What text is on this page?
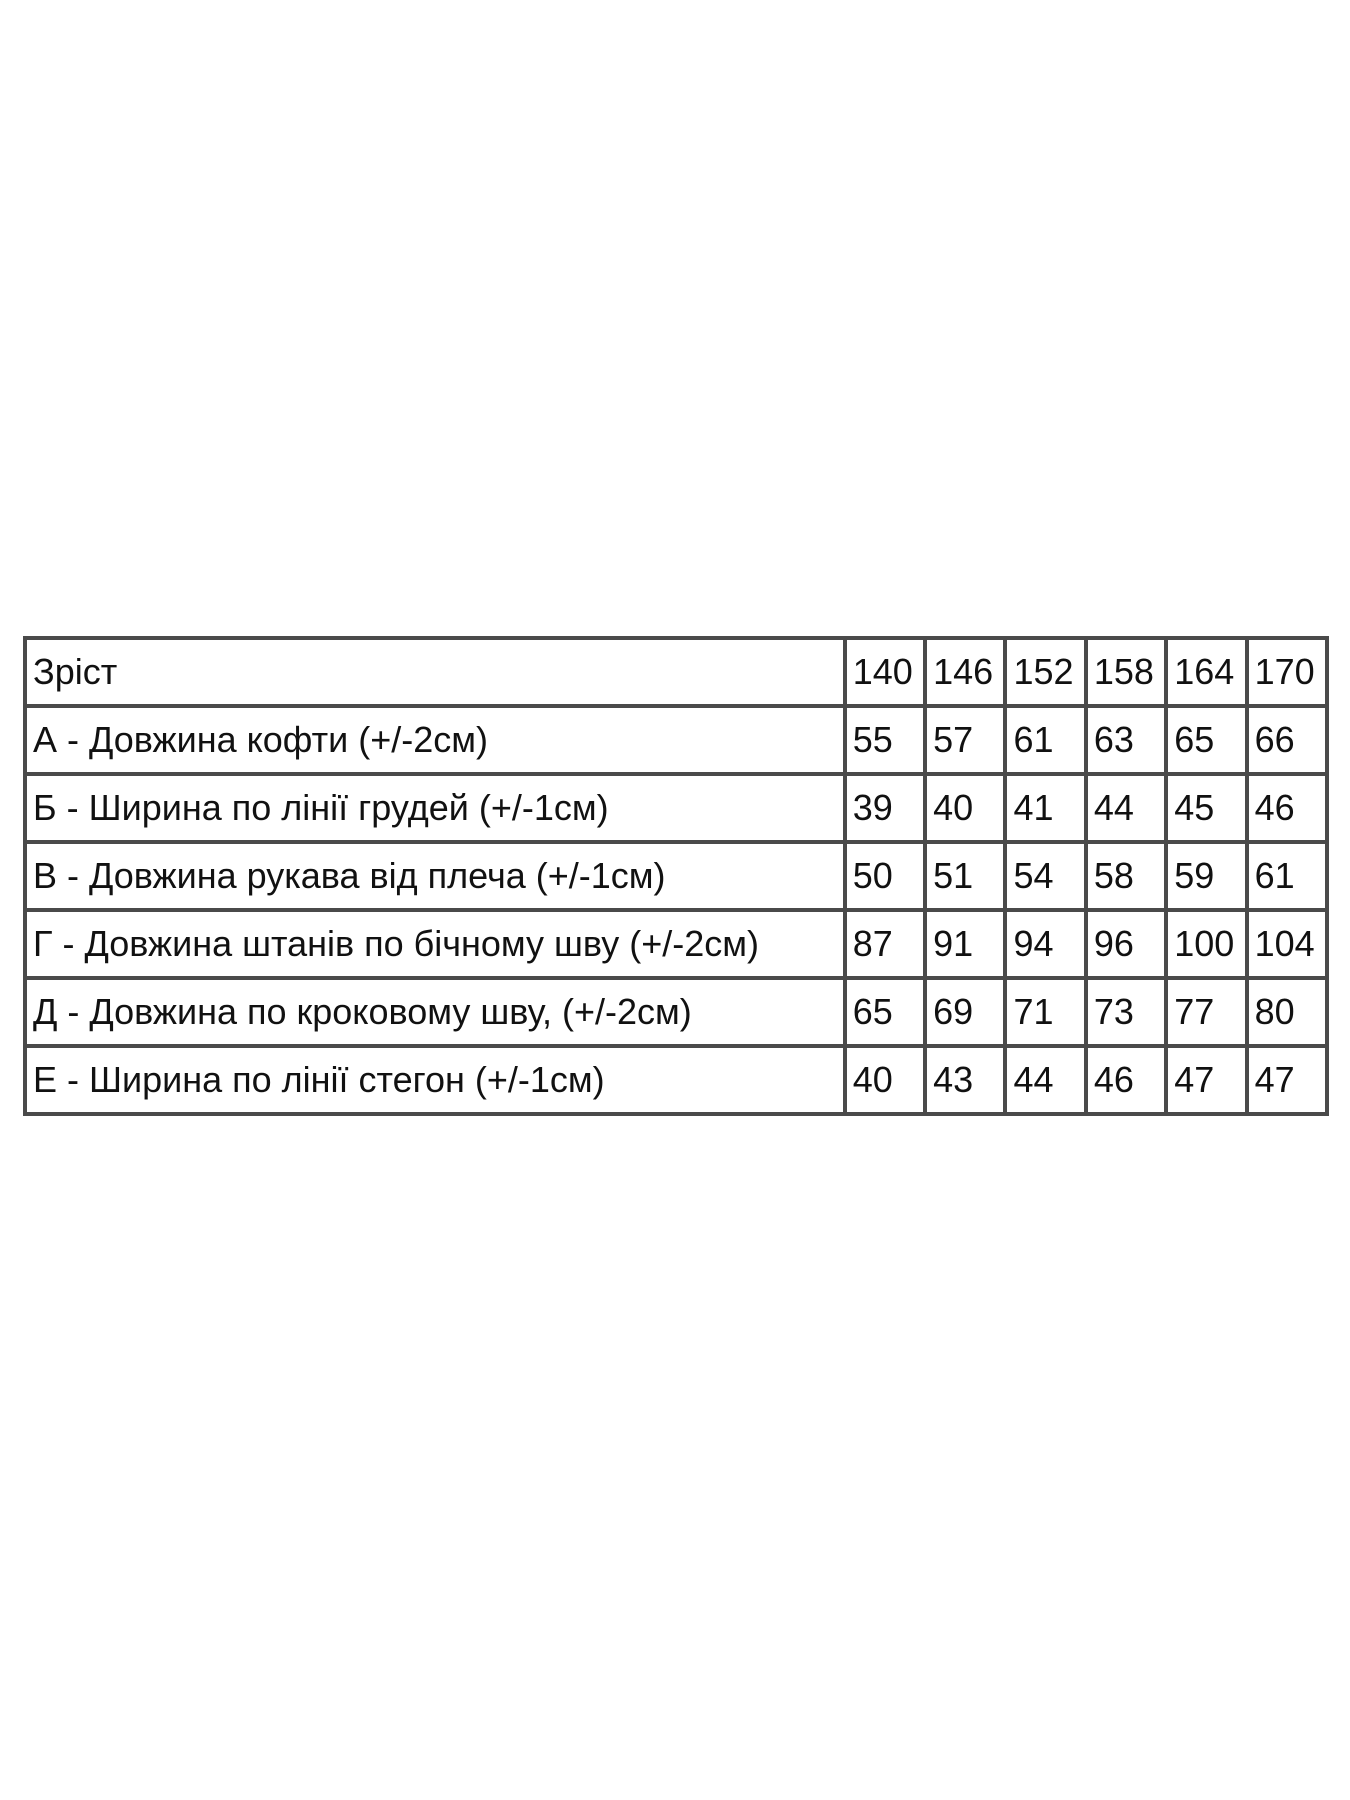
Зріст	140	146	152	158	164	170
А - Довжина кофти (+/-2см)	55	57	61	63	65	66
Б - Ширина по лінії грудей (+/-1см)	39	40	41	44	45	46
В - Довжина рукава від плеча (+/-1см)	50	51	54	58	59	61
Г - Довжина штанів по бічному шву (+/-2см)	87	91	94	96	100	104
Д - Довжина по кроковому шву, (+/-2см)	65	69	71	73	77	80
Е - Ширина по лінії стегон (+/-1см)	40	43	44	46	47	47
